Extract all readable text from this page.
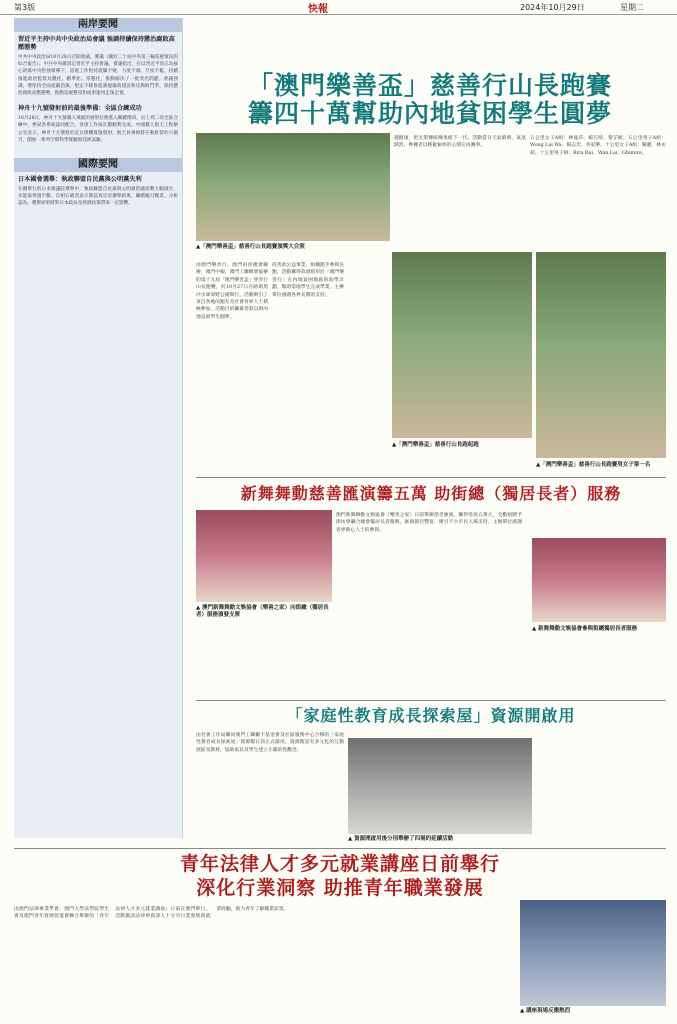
第3版	快報	2024年10月29日	星期二
兩岸要聞
習近平主持中共中央政治局會議 強調持續保持懲治腐敗高壓態勢
中共中央政治局10月28日召開會議，審議《關於二十屆中央第三輪巡視情況的綜合報告》。中共中央總書記習近平主持會議。會議指出，在以習近平同志為核心的黨中央堅強領導下，巡視工作堅持震懾不變、力度不減、尺度不鬆，持續推進政治監督具體化、精準化、常態化，推動解決了一批突出問題。會議強調，要堅持全面從嚴治黨，堅定不移推進黨風廉政建設和反腐敗鬥爭，保持懲治腐敗高壓態勢，推動巡視整改和成果運用走深走實。
神舟十九號發射前的最後準備：全區合練成功
10月28日，神舟十九號載人飛船的發射任務進入關鍵階段。於上周二的全區合練中，參試各系統協同配合，各項工作按計劃順利完成。中國載人航天工程辦公室表示，神舟十九號將於近日擇機實施發射，航天員乘組將在軌駐留約六個月，開展一系列空間科學實驗與技術試驗。
國際要聞
日本國會選舉：執政聯盟自民黨與公明黨失利
在剛舉行的日本眾議院選舉中，執政聯盟自民黨與公明黨的議席數大幅減少，未能取得過半數。首相石破茂表示將認真反省選舉結果，繼續履行職責。分析認為，選舉結果將對日本政局及經濟政策帶來一定影響。
「澳門樂善盃」慈善行山長跑賽
籌四十萬幫助內地貧困學生圓夢
▲「澳門樂善盃」慈善行山長跑賽頒獎大合照
▲「澳門樂善盃」慈善行山長跑起跑
▲「澳門樂善盃」慈善行山長跑賽男女子第一名
由澳門樂善行、澳門田徑總會聯辦，澳門中銀、澳門工聯總會協辦的第十九屆「澳門樂善盃」慈善行山長跑賽，於10月27日在路環黑沙水庫郊野公園舉行。活動吸引了來自各地的跑友及社會各界人士積極參加，活動目的籌募善款以助內地貧困學生圓夢。
持善款公益事業，組織跑手參與長跑，活動籌得款項將用於「澳門樂善行」在內地貧困地區的助學計劃，幫助當地學生完成學業。主辦單位感謝各界長期的支持。
越健康，把光榮傳統傳承給下一代。活動當日天氣晴朗，氣氛熱烈，參賽者以輕鬆愉快的心情完成賽事。
五公里女子A組：林曼莎、楊巧靖、黎芷頤。五公里男子A組：Wong Lai Wa、楊志光、李家樂。十公里女子A組：羅麗、林永莉。十公里男子組：Bira Rai、Wan Lai、Ghimire。
新舞舞動慈善匯演籌五萬 助街總（獨居長者）服務
▲ 澳門新舞舞動文娛協會（樂善之家）向街總（獨居長者）服務頒發支票
澳門新舞舞動文娛協會（樂善之家）日前舉辦慈善匯演，籌得善款五萬元，全數捐贈予街坊會聯合總會獨居長者服務。匯演節目豐富，吸引不少市民入場支持，主辦單位感謝各界熱心人士的參與。
▲ 新舞舞動文娛協會參與街總獨居長者服務
「家庭性教育成長探索屋」資源開啟用
由社會工作局聯同澳門工聯屬下基金會及社區服務中心合辦的「家庭性教育成長探索屋」資源館日前正式啟用。資源館設有多元化的互動展區及教材，協助家長及學生建立正確的性觀念。
▲ 資源開啟用後分別舉辦了四場的延續活動
青年法律人才多元就業講座日前舉行
深化行業洞察 助推青年職業發展
由澳門法律專業學會、澳門大學法學院學生會及澳門青年發展促進會聯合舉辦的「青年法律人才多元就業講座」日前在澳門舉行。活動邀請法律界資深人士分享行業發展與就業經驗，助力青年了解職業前景。
▲ 講座現場反應熱烈
